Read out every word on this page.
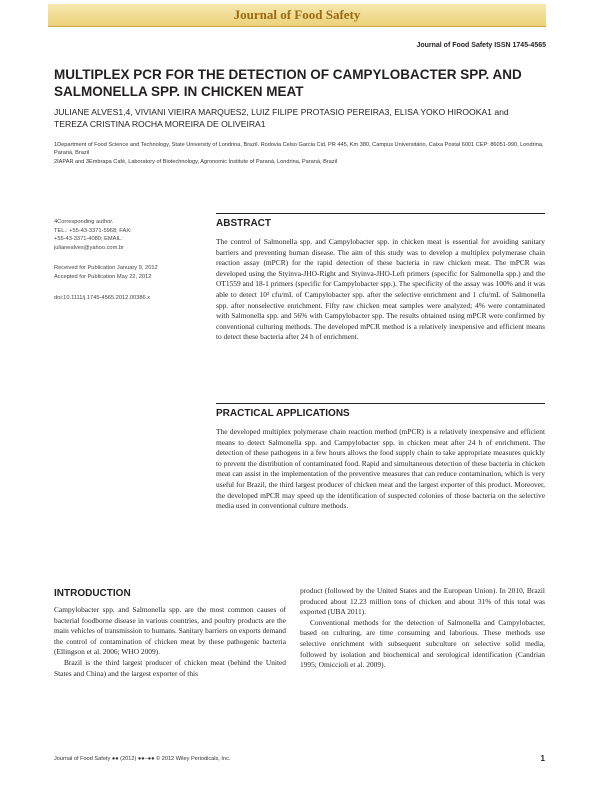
Journal of Food Safety
Journal of Food Safety ISSN 1745-4565
MULTIPLEX PCR FOR THE DETECTION OF CAMPYLOBACTER SPP. AND SALMONELLA SPP. IN CHICKEN MEAT
JULIANE ALVES1,4, VIVIANI VIEIRA MARQUES2, LUIZ FILIPE PROTASIO PEREIRA3, ELISA YOKO HIROOKA1 and TEREZA CRISTINA ROCHA MOREIRA DE OLIVEIRA1
1Department of Food Science and Technology, State University of Londrina, Brazil. Rodovia Celso Garcia Cid, PR 445, Km 380, Campus Universitário, Caixa Postal 6001 CEP: 86051-990, Londrina, Paraná, Brazil
2IAPAR and 3Embrapa Café, Laboratory of Biotechnology, Agronomic Institute of Paraná, Londrina, Paraná, Brazil

4Corresponding author.

TEL.: +55-43-3371-5968; FAX:

+55-43-3371-4080; EMAIL:

julianealves@yahoo.com.br

Received for Publication January 9, 2012

Accepted for Publication May 22, 2012

doi:10.1111/j.1745-4565.2012.00386.x

ABSTRACT

The control of Salmonella spp. and Campylobacter spp. in chicken meat is essential for avoiding sanitary barriers and preventing human disease. The aim of this study was to develop a multiplex polymerase chain reaction assay (mPCR) for the rapid detection of these bacteria in raw chicken meat. The mPCR was developed using the Styinva-JHO-Right and Styinva-JHO-Left primers (specific for Salmonella spp.) and the OT1559 and 18-1 primers (specific for Campylobacter spp.). The specificity of the assay was 100% and it was able to detect 10² cfu/mL of Campylobacter spp. after the selective enrichment and 1 cfu/mL of Salmonella spp. after nonselective enrichment. Fifty raw chicken meat samples were analyzed; 4% were contaminated with Salmonella spp. and 56% with Campylobacter spp. The results obtained using mPCR were confirmed by conventional culturing methods. The developed mPCR method is a relatively inexpensive and efficient means to detect these bacteria after 24 h of enrichment.

PRACTICAL APPLICATIONS

The developed multiplex polymerase chain reaction method (mPCR) is a relatively inexpensive and efficient means to detect Salmonella spp. and Campylobacter spp. in chicken meat after 24 h of enrichment. The detection of these pathogens in a few hours allows the food supply chain to take appropriate measures quickly to prevent the distribution of contaminated food. Rapid and simultaneous detection of these bacteria in chicken meat can assist in the implementation of the preventive measures that can reduce contamination, which is very useful for Brazil, the third largest producer of chicken meat and the largest exporter of this product. Moreover, the developed mPCR may speed up the identification of suspected colonies of those bacteria on the selective media used in conventional culture methods.

INTRODUCTION

Campylobacter spp. and Salmonella spp. are the most common causes of bacterial foodborne disease in various countries, and poultry products are the main vehicles of transmission to humans. Sanitary barriers on exports demand the control of contamination of chicken meat by these pathogenic bacteria (Ellingson et al. 2006; WHO 2009).

Brazil is the third largest producer of chicken meat (behind the United States and China) and the largest exporter of this

product (followed by the United States and the European Union). In 2010, Brazil produced about 12.23 million tons of chicken and about 31% of this total was exported (UBA 2011).

Conventional methods for the detection of Salmonella and Campylobacter, based on culturing, are time consuming and laborious. These methods use selective enrichment with subsequent subculture on selective solid media, followed by isolation and biochemical and serological identification (Candrian 1995; Omiccioli et al. 2009).

Journal of Food Safety ●● (2012) ●●–●● © 2012 Wiley Periodicals, Inc.	1
